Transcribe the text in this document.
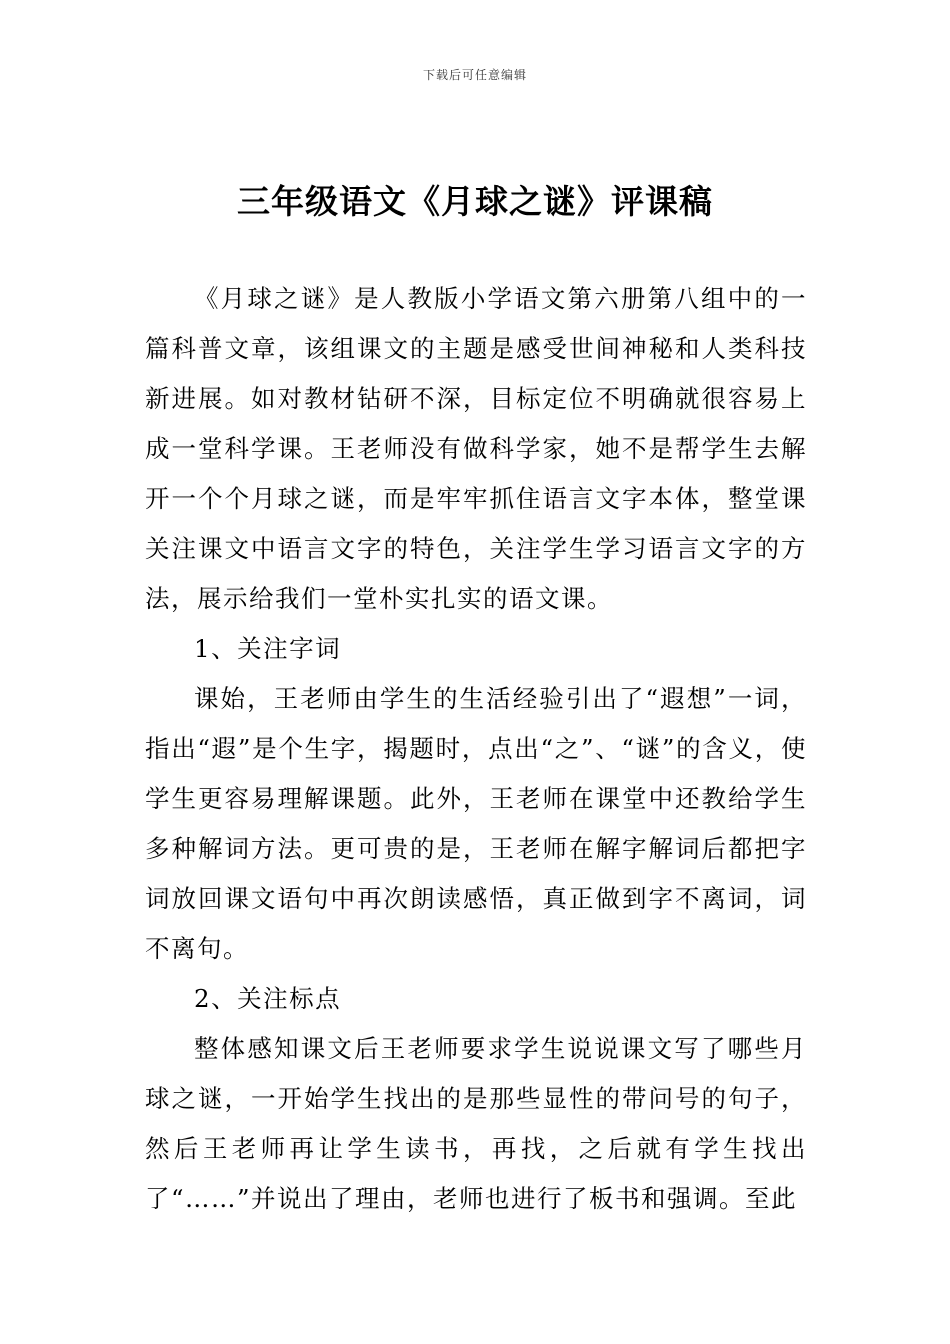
下载后可任意编辑
三年级语文《月球之谜》评课稿

《月球之谜》是人教版小学语文第六册第八组中的一篇科普文章，该组课文的主题是感受世间神秘和人类科技新进展。如对教材钻研不深，目标定位不明确就很容易上成一堂科学课。王老师没有做科学家，她不是帮学生去解开一个个月球之谜，而是牢牢抓住语言文字本体，整堂课关注课文中语言文字的特色，关注学生学习语言文字的方法，展示给我们一堂朴实扎实的语文课。

1、关注字词

课始，王老师由学生的生活经验引出了“遐想”一词，指出“遐”是个生字，揭题时，点出“之”、“谜”的含义，使学生更容易理解课题。此外，王老师在课堂中还教给学生多种解词方法。更可贵的是，王老师在解字解词后都把字词放回课文语句中再次朗读感悟，真正做到字不离词，词不离句。

2、关注标点

整体感知课文后王老师要求学生说说课文写了哪些月球之谜，一开始学生找出的是那些显性的带问号的句子，然后王老师再让学生读书，再找，之后就有学生找出了“……”并说出了理由，老师也进行了板书和强调。至此
